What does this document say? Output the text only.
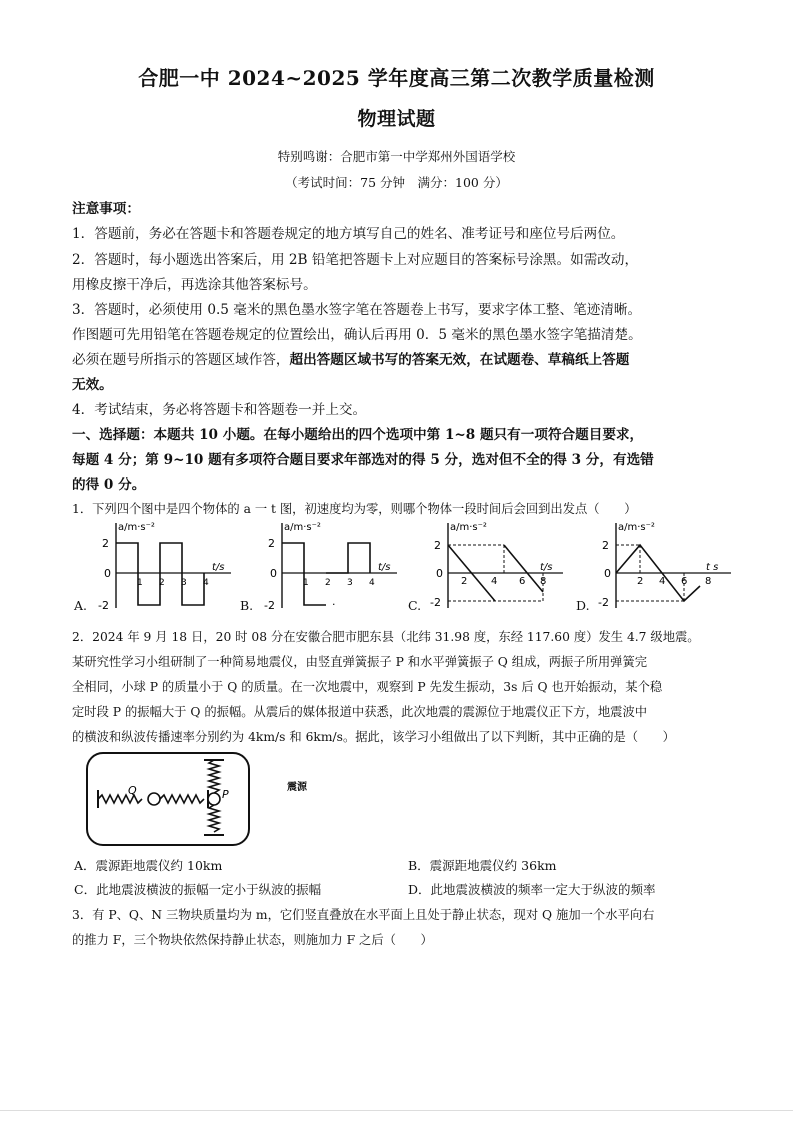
合肥一中 2024~2025 学年度高三第二次教学质量检测
物理试题
特别鸣谢：合肥市第一中学郑州外国语学校
（考试时间：75 分钟　满分：100 分）
注意事项：
1．答题前，务必在答题卡和答题卷规定的地方填写自己的姓名、准考证号和座位号后两位。
2．答题时，每小题选出答案后，用 2B 铅笔把答题卡上对应题目的答案标号涂黑。如需改动，
用橡皮擦干净后，再选涂其他答案标号。
3．答题时，必须使用 0.5 毫米的黑色墨水签字笔在答题卷上书写，要求字体工整、笔迹清晰。
作图题可先用铅笔在答题卷规定的位置绘出，确认后再用 0．5 毫米的黑色墨水签字笔描清楚。
必须在题号所指示的答题区域作答，超出答题区域书写的答案无效，在试题卷、草稿纸上答题
无效。
4．考试结束，务必将答题卡和答题卷一并上交。
一、选择题：本题共 10 小题。在每小题给出的四个选项中第 1~8 题只有一项符合题目要求，
每题 4 分；第 9~10 题有多项符合题目要求年部选对的得 5 分，选对但不全的得 3 分，有选错
的得 0 分。
1．下列四个图中是四个物体的 a 一 t 图，初速度均为零，则哪个物体一段时间后会回到出发点（　　）
a/m·s⁻²
t/s
2
0
-2
1 2 3 4
A.
a/m·s⁻²
t/s
2
0
-2
1 2 3 4
.
B.
a/m·s⁻²
t/s
2
0
-2
2 4 6 8
C.
a/m·s⁻²
t s
2
0
-2
2 4 6 8
D.
2．2024 年 9 月 18 日，20 时 08 分在安徽合肥市肥东县（北纬 31.98 度，东经 117.60 度）发生 4.7 级地震。
某研究性学习小组研制了一种简易地震仪，由竖直弹簧振子 P 和水平弹簧振子 Q 组成，两振子所用弹簧完
全相同，小球 P 的质量小于 Q 的质量。在一次地震中，观察到 P 先发生振动，3s 后 Q 也开始振动，某个稳
定时段 P 的振幅大于 Q 的振幅。从震后的媒体报道中获悉，此次地震的震源位于地震仪正下方，地震波中
的横波和纵波传播速率分别约为 4km/s 和 6km/s。据此，该学习小组做出了以下判断，其中正确的是（　　）
Q	P
震源
A．震源距地震仪约 10km	B．震源距地震仪约 36km
C．此地震波横波的振幅一定小于纵波的振幅	D．此地震波横波的频率一定大于纵波的频率
3．有 P、Q、N 三物块质量均为 m，它们竖直叠放在水平面上且处于静止状态，现对 Q 施加一个水平向右
的推力 F，三个物块依然保持静止状态，则施加力 F 之后（　　）
